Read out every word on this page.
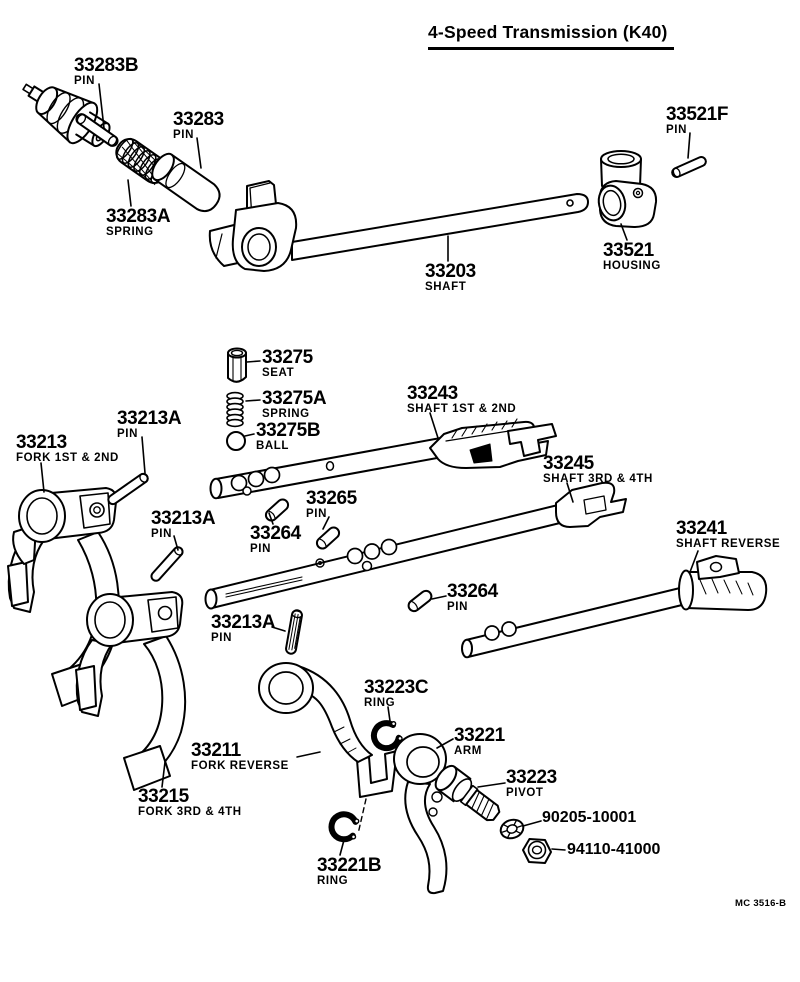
4-Speed Transmission (K40)
33283B
PIN
33283
PIN
33283A
SPRING
33521F
PIN
33521
HOUSING
33203
SHAFT
33275
SEAT
33275A
SPRING
33275B
BALL
33243
SHAFT 1ST & 2ND
33213A
PIN
33213
FORK 1ST & 2ND
33213A
PIN
33265
PIN
33264
PIN
33245
SHAFT 3RD & 4TH
33241
SHAFT REVERSE
33264
PIN
33213A
PIN
33223C
RING
33221
ARM
33211
FORK REVERSE
33223
PIVOT
33215
FORK 3RD & 4TH	90205-10001
94110-41000
33221B
RING
MC 3516-B
